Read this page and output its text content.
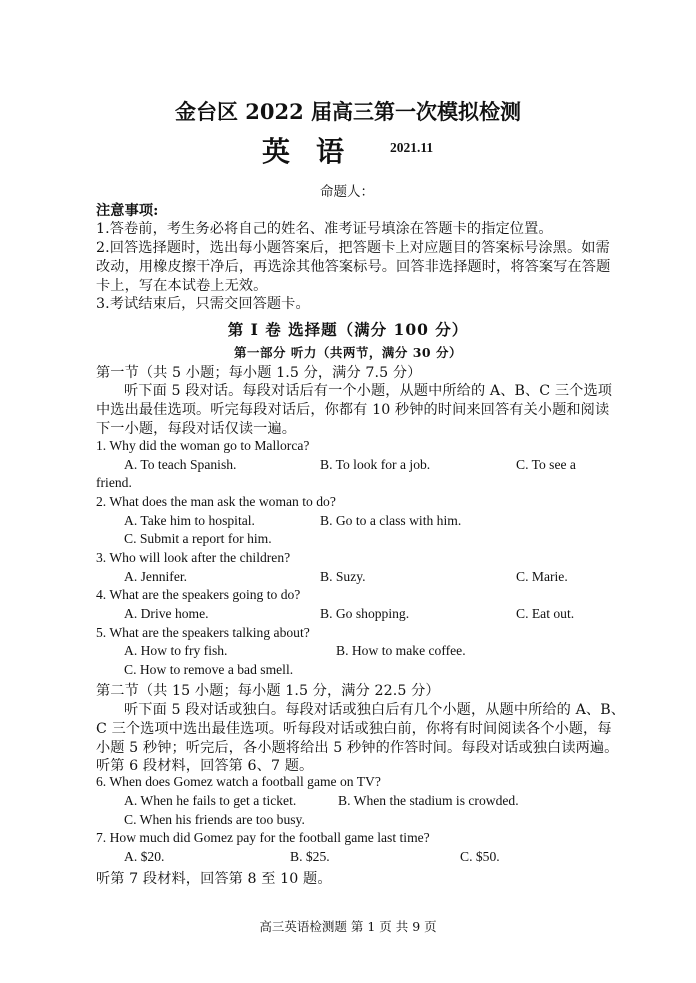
金台区 2022 届高三第一次模拟检测
英语 2021.11
命题人：
注意事项:
1.答卷前，考生务必将自己的姓名、准考证号填涂在答题卡的指定位置。
2.回答选择题时，选出每小题答案后，把答题卡上对应题目的答案标号涂黑。如需
改动，用橡皮擦干净后，再选涂其他答案标号。回答非选择题时，将答案写在答题
卡上，写在本试卷上无效。
3.考试结束后，只需交回答题卡。
第 I 卷 选择题（满分 100 分）
第一部分 听力（共两节，满分 30 分）
第一节（共 5 小题；每小题 1.5 分，满分 7.5 分）
听下面 5 段对话。每段对话后有一个小题，从题中所给的 A、B、C 三个选项
中选出最佳选项。听完每段对话后，你都有 10 秒钟的时间来回答有关小题和阅读
下一小题，每段对话仅读一遍。
1. Why did the woman go to Mallorca?
A. To teach Spanish.	B. To look for a job.	C. To see a
friend.
2. What does the man ask the woman to do?
A. Take him to hospital.	B. Go to a class with him.
C. Submit a report for him.
3. Who will look after the children?
A. Jennifer.	B. Suzy.	C. Marie.
4. What are the speakers going to do?
A. Drive home.	B. Go shopping.	C. Eat out.
5. What are the speakers talking about?
A. How to fry fish.	B. How to make coffee.
C. How to remove a bad smell.
第二节（共 15 小题；每小题 1.5 分，满分 22.5 分）
听下面 5 段对话或独白。每段对话或独白后有几个小题，从题中所给的 A、B、
C 三个选项中选出最佳选项。听每段对话或独白前，你将有时间阅读各个小题，每
小题 5 秒钟；听完后，各小题将给出 5 秒钟的作答时间。每段对话或独白读两遍。
听第 6 段材料，回答第 6、7 题。
6. When does Gomez watch a football game on TV?
A. When he fails to get a ticket.	B. When the stadium is crowded.
C. When his friends are too busy.
7. How much did Gomez pay for the football game last time?
A. $20.	B. $25.	C. $50.
听第 7 段材料，回答第 8 至 10 题。
高三英语检测题 第 1 页 共 9 页
